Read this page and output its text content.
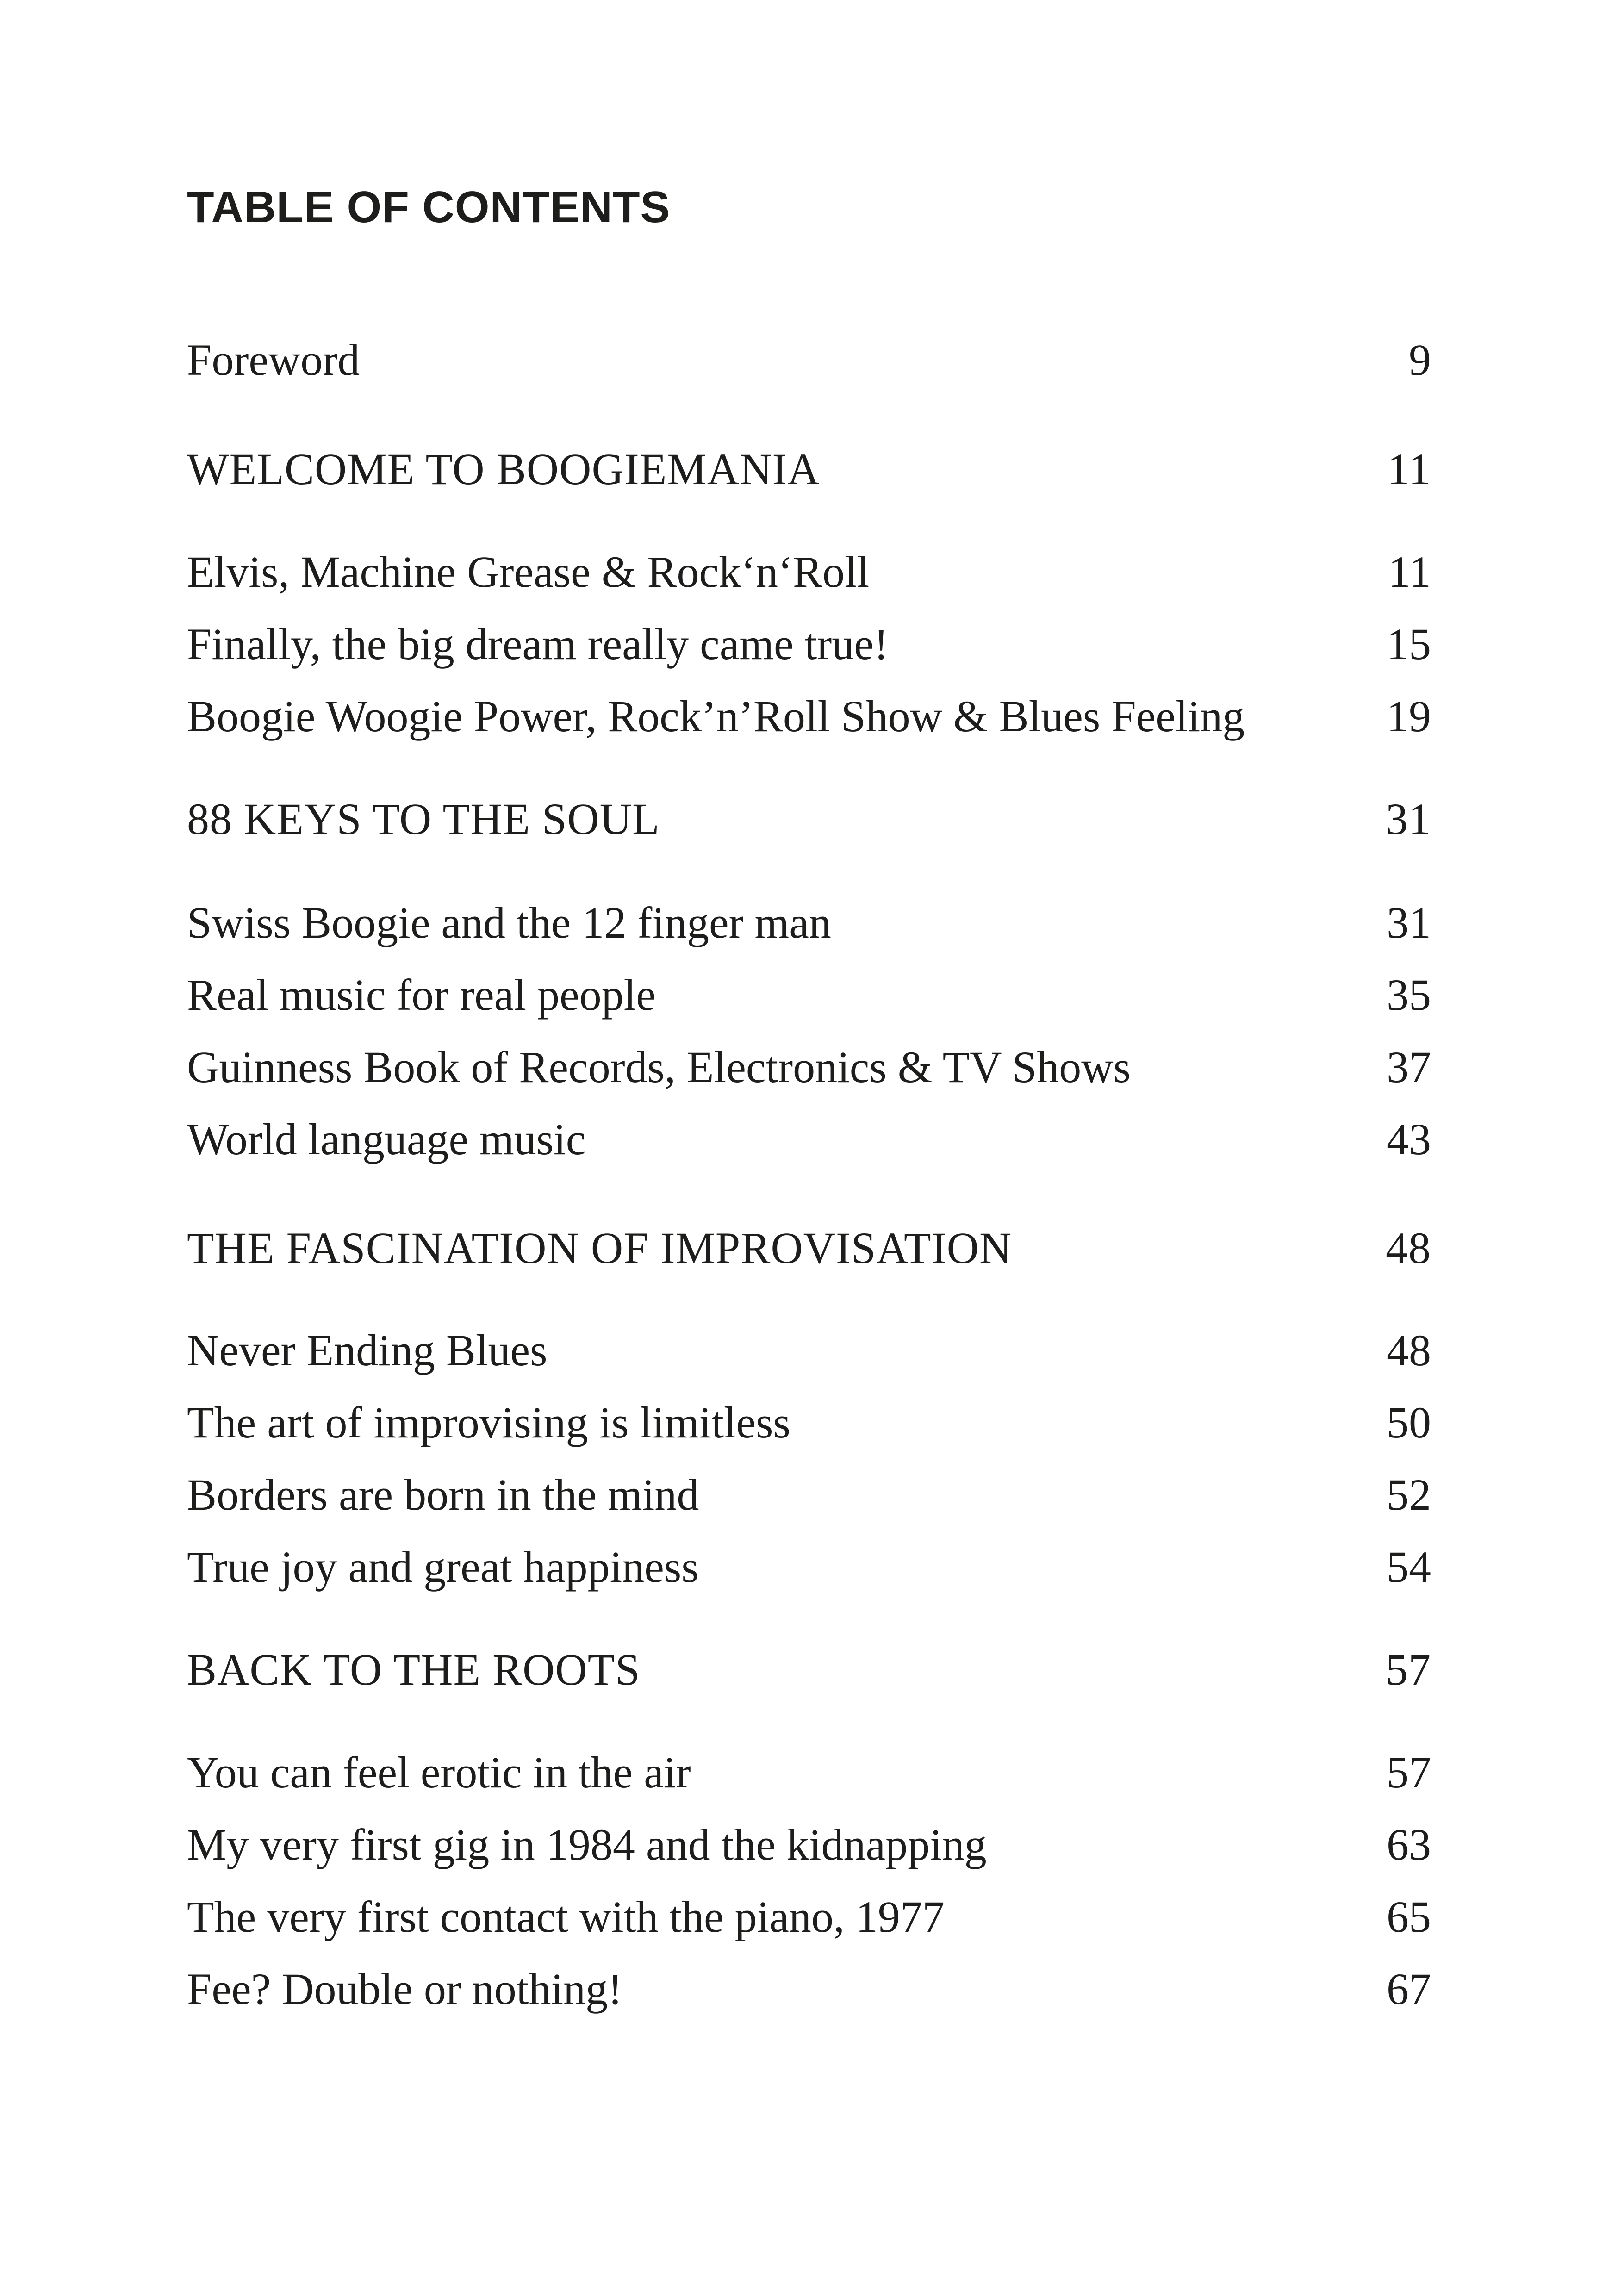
TABLE OF CONTENTS
Foreword	9
WELCOME TO BOOGIEMANIA	11
Elvis, Machine Grease & Rock‘n‘Roll	11
Finally, the big dream really came true!	15
Boogie Woogie Power, Rock’n’Roll Show & Blues Feeling	19
88 KEYS TO THE SOUL	31
Swiss Boogie and the 12 finger man	31
Real music for real people	35
Guinness Book of Records, Electronics & TV Shows	37
World language music	43
THE FASCINATION OF IMPROVISATION	48
Never Ending Blues	48
The art of improvising is limitless	50
Borders are born in the mind	52
True joy and great happiness	54
BACK TO THE ROOTS	57
You can feel erotic in the air	57
My very first gig in 1984 and the kidnapping	63
The very first contact with the piano, 1977	65
Fee? Double or nothing!	67
